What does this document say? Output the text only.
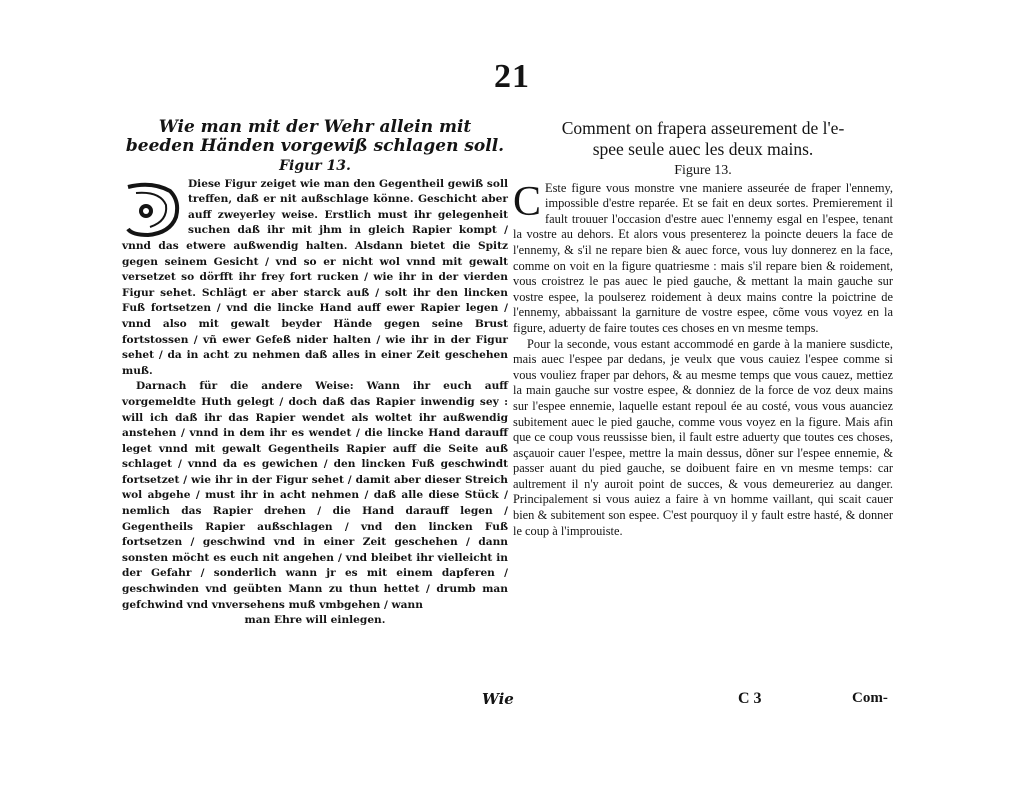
21
Wie man mit der Wehr allein mit beeden Händen vorgewiß schlagen soll.
Figur 13.

Diese Figur zeiget wie man den Gegentheil gewiß soll treffen, daß er nit außschlage könne. Geschicht aber auff zweyerley weise. Erstlich must ihr gelegenheit suchen daß ihr mit jhm in gleich Rapier kompt / vnnd das etwere außwendig halten. Alsdann bietet die Spitz gegen seinem Gesicht / vnd so er nicht wol vnnd mit gewalt versetzet so dörfft ihr frey fort rucken / wie ihr in der vierden Figur sehet. Schlägt er aber starck auß / solt ihr den lincken Fuß fortsetzen / vnd die lincke Hand auff ewer Rapier legen / vnnd also mit gewalt beyder Hände gegen seine Brust fortstossen / vñ ewer Gefeß nider halten / wie ihr in der Figur sehet / da in acht zu nehmen daß alles in einer Zeit geschehen muß.

Darnach für die andere Weise: Wann ihr euch auff vorgemeldte Huth gelegt / doch daß das Rapier inwendig sey : will ich daß ihr das Rapier wendet als woltet ihr außwendig anstehen / vnnd in dem ihr es wendet / die lincke Hand darauff leget vnnd mit gewalt Gegentheils Rapier auff die Seite auß schlaget / vnnd da es gewichen / den lincken Fuß geschwindt fortsetzet / wie ihr in der Figur sehet / damit aber dieser Streich wol abgehe / must ihr in acht nehmen / daß alle diese Stück / nemlich das Rapier drehen / die Hand darauff legen / Gegentheils Rapier außschlagen / vnd den lincken Fuß fortsetzen / geschwind vnd in einer Zeit geschehen / dann sonsten möcht es euch nit angehen / vnd bleibet ihr vielleicht in der Gefahr / sonderlich wann jr es mit einem dapferen / geschwinden vnd geübten Mann zu thun hettet / drumb man gefchwind vnd vnversehens muß vmbgehen / wann

man Ehre will einlegen.

Comment on frapera asseurement de l'e-
spee seule auec les deux mains.
Figure 13.
C Este figure vous monstre vne maniere asseurée de fraper l'ennemy, impossible d'estre reparée. Et se fait en deux sortes. Premierement il fault trouuer l'occasion d'estre auec l'ennemy esgal en l'espee, tenant la vostre au dehors. Et alors vous presenterez la poincte deuers la face de l'ennemy, & s'il ne repare bien & auec force, vous luy donnerez en la face, comme on voit en la figure quatriesme : mais s'il repare bien & roidement, vous croistrez le pas auec le pied gauche, & mettant la main gauche sur vostre espee, la poulserez roidement à deux mains contre la poictrine de l'ennemy, abbaissant la garniture de vostre espee, cõme vous voyez en la figure, aduerty de faire toutes ces choses en vn mesme temps.

Pour la seconde, vous estant accommodé en garde à la maniere susdicte, mais auec l'espee par dedans, je veulx que vous cauiez l'espee comme si vous vouliez fraper par dehors, & au mesme temps que vous cauez, mettiez la main gauche sur vostre espee, & donniez de la force de voz deux mains sur l'espee ennemie, laquelle estant repoul ée au costé, vous vous auanciez subitement auec le pied gauche, comme vous voyez en la figure. Mais afin que ce coup vous reussisse bien, il fault estre aduerty que toutes ces choses, asçauoir cauer l'espee, mettre la main dessus, dõner sur l'espee ennemie, & passer auant du pied gauche, se doibuent faire en vn mesme temps: car aultrement il n'y auroit point de succes, & vous demeureriez au danger. Principalement si vous auiez a faire à vn homme vaillant, qui scait cauer bien & subitement son espee. C'est pourquoy il y fault estre hasté, & donner le coup à l'improuiste.

Wie	C 3	Com-
